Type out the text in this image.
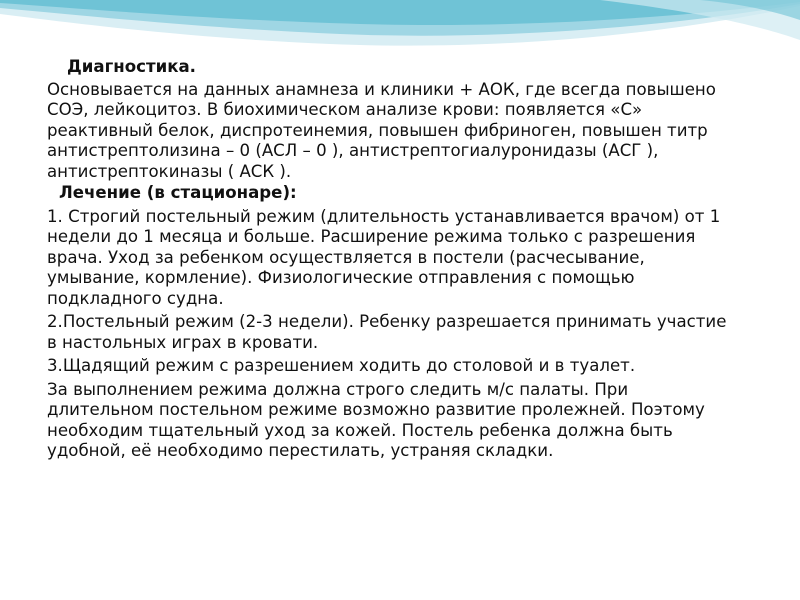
Диагностика.

Основывается на данных анамнеза и клиники + АОК, где всегда повышено СОЭ, лейкоцитоз. В биохимическом анализе крови: появляется «С» реактивный белок, диспротеинемия, повышен фибриноген, повышен титр антистрептолизина – 0 (АСЛ – 0 ), антистрептогиалуронидазы (АСГ ), антистрептокиназы ( АСК ).

Лечение (в стационаре):

1. Строгий постельный режим (длительность устанавливается врачом) от 1 недели до 1 месяца и больше. Расширение режима только с разрешения врача. Уход за ребенком осуществляется в постели (расчесывание, умывание, кормление). Физиологические отправления с помощью подкладного судна.

2.Постельный режим (2-3 недели). Ребенку разрешается принимать участие в настольных играх в кровати.

3.Щадящий режим с разрешением ходить до столовой и в туалет.

За выполнением режима должна строго следить м/с палаты. При длительном постельном режиме возможно развитие пролежней. Поэтому необходим тщательный уход за кожей. Постель ребенка должна быть удобной, её необходимо перестилать, устраняя складки.
